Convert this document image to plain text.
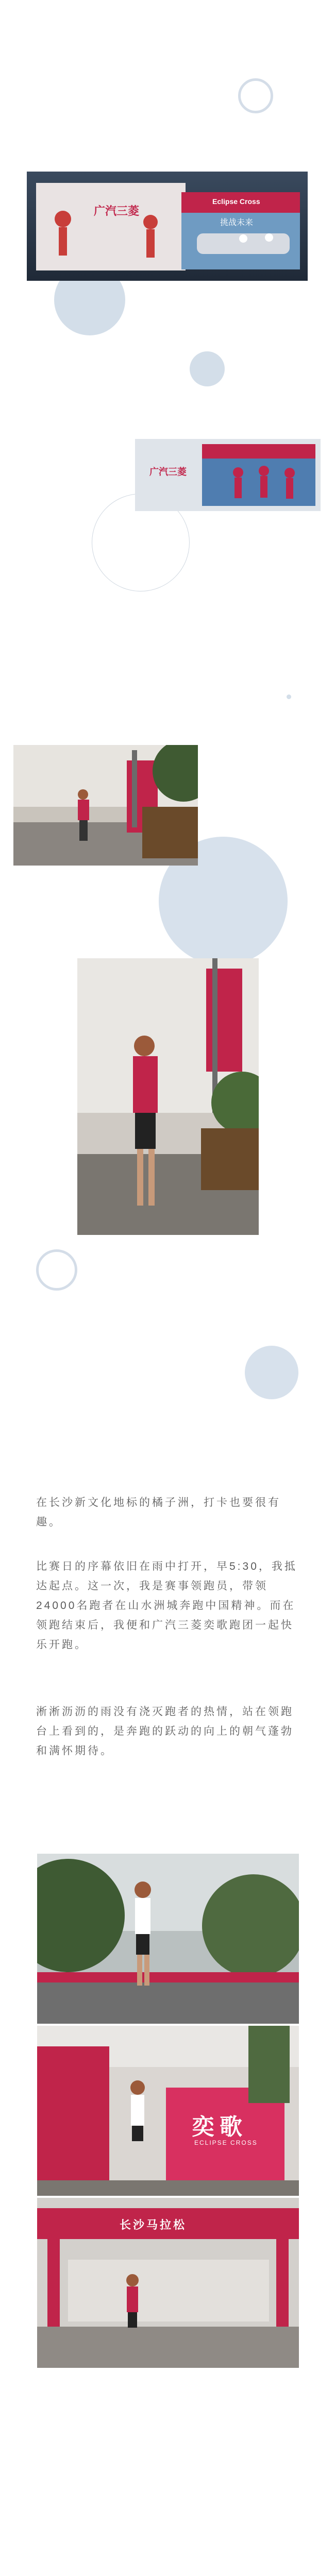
广汽三菱
Eclipse Cross
挑战未来
广汽三菱

在长沙新文化地标的橘子洲，打卡也要很有趣。

比赛日的序幕依旧在雨中打开，早5:30，我抵达起点。这一次，我是赛事领跑员，带领24000名跑者在山水洲城奔跑中国精神。而在领跑结束后，我便和广汽三菱奕歌跑团一起快乐开跑。

淅淅沥沥的雨没有浇灭跑者的热情，站在领跑台上看到的，是奔跑的跃动的向上的朝气蓬勃和满怀期待。

奕歌
ECLIPSE CROSS
长沙马拉松
